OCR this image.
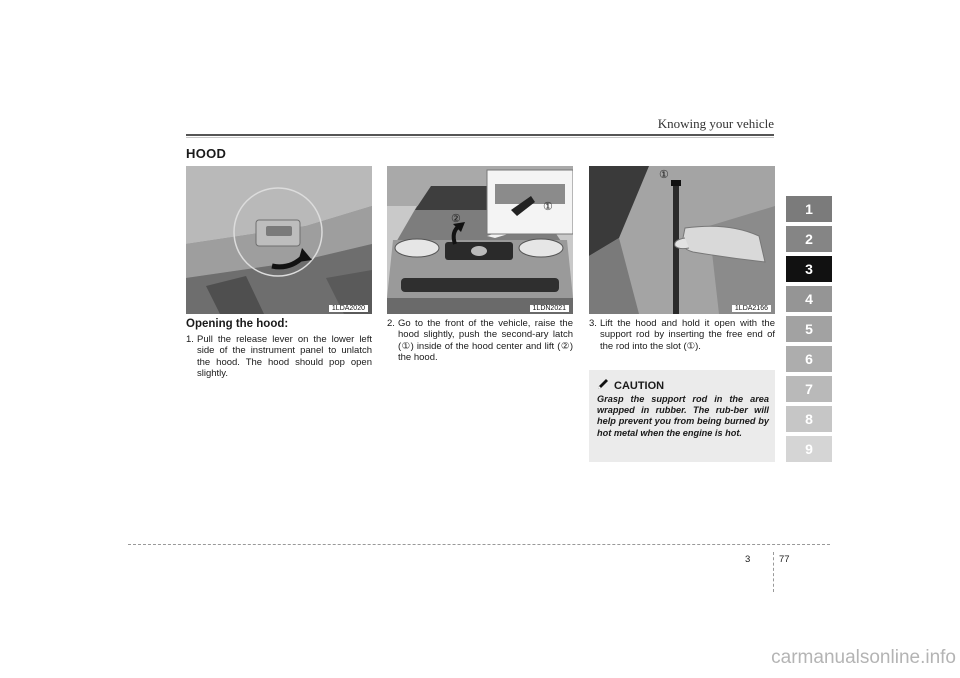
Knowing your vehicle
HOOD
1LDA2020
②
①
1LDN2021
①
1LDA2166
Opening the hood:
1. Pull the release lever on the lower left side of the instrument panel to unlatch the hood. The hood should pop open slightly.
2. Go to the front of the vehicle, raise the hood slightly, push the second-ary latch (①) inside of the hood center and lift (②) the hood.
3. Lift the hood and hold it open with the support rod by inserting the free end of the rod into the slot (①).
CAUTION
Grasp the support rod in the area wrapped in rubber. The rub-ber will help prevent you from being burned by hot metal when the engine is hot.
1
2
3
4
5
6
7
8
9
3	77
carmanualsonline.info
